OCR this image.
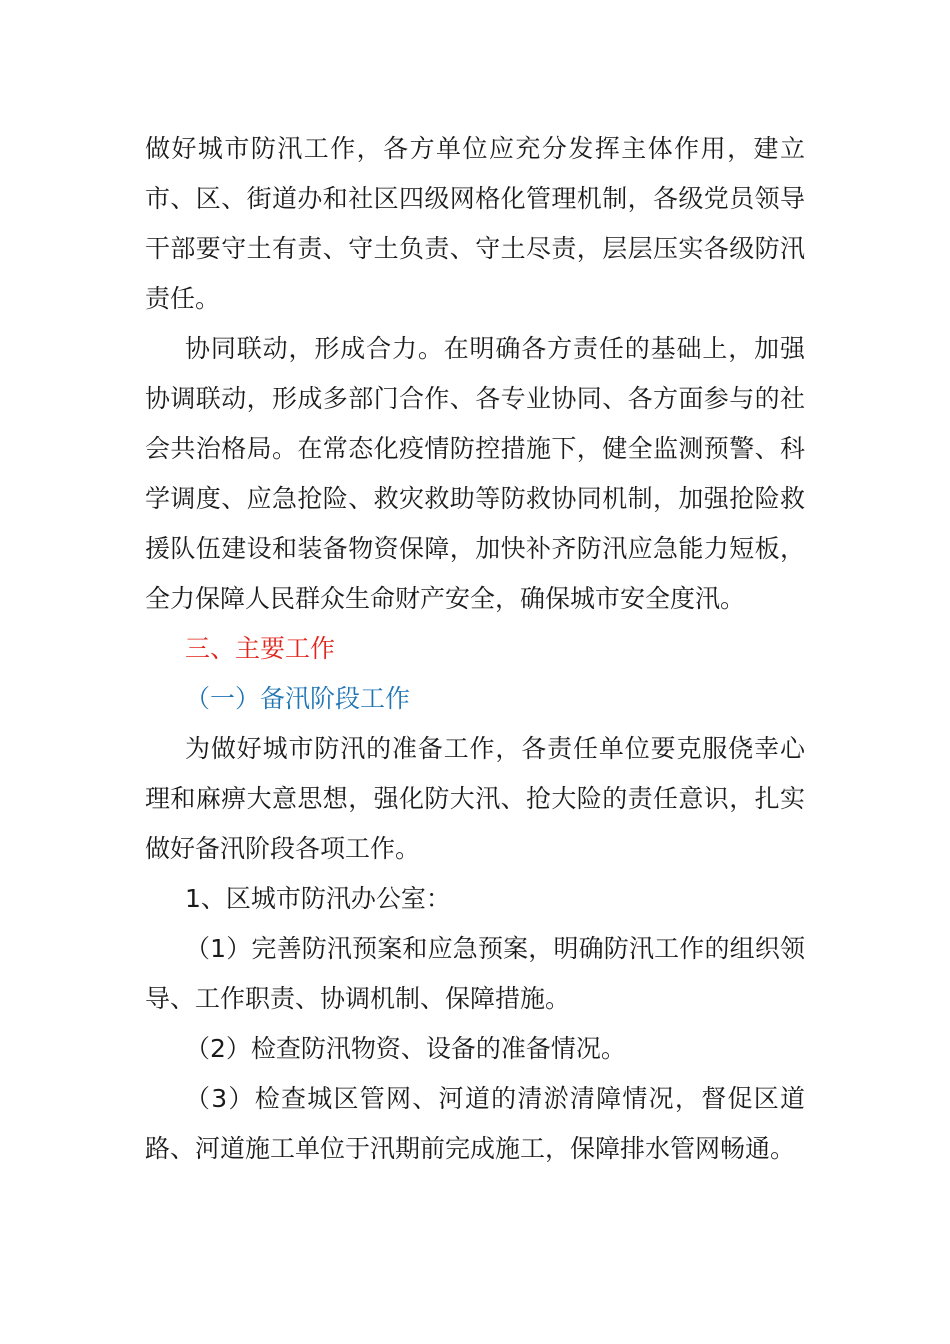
做好城市防汛工作，各方单位应充分发挥主体作用，建立市、区、街道办和社区四级网格化管理机制，各级党员领导干部要守土有责、守土负责、守土尽责，层层压实各级防汛责任。

协同联动，形成合力。在明确各方责任的基础上，加强协调联动，形成多部门合作、各专业协同、各方面参与的社会共治格局。在常态化疫情防控措施下，健全监测预警、科学调度、应急抢险、救灾救助等防救协同机制，加强抢险救援队伍建设和装备物资保障，加快补齐防汛应急能力短板，全力保障人民群众生命财产安全，确保城市安全度汛。

三、主要工作

（一）备汛阶段工作

为做好城市防汛的准备工作，各责任单位要克服侥幸心理和麻痹大意思想，强化防大汛、抢大险的责任意识，扎实做好备汛阶段各项工作。

1、区城市防汛办公室：

（1）完善防汛预案和应急预案，明确防汛工作的组织领导、工作职责、协调机制、保障措施。

（2）检查防汛物资、设备的准备情况。

（3）检查城区管网、河道的清淤清障情况，督促区道路、河道施工单位于汛期前完成施工，保障排水管网畅通。
